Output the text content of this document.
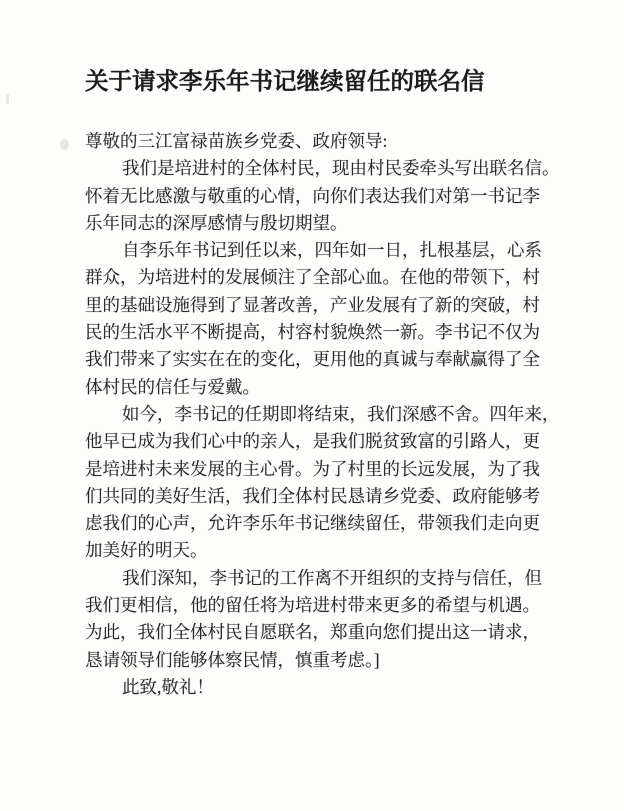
关于请求李乐年书记继续留任的联名信
尊敬的三江富禄苗族乡党委、政府领导:
我们是培进村的全体村民，现由村民委牵头写出联名信。
怀着无比感激与敬重的心情，向你们表达我们对第一书记李
乐年同志的深厚感情与殷切期望。
自李乐年书记到任以来，四年如一日，扎根基层，心系
群众，为培进村的发展倾注了全部心血。在他的带领下，村
里的基础设施得到了显著改善，产业发展有了新的突破，村
民的生活水平不断提高，村容村貌焕然一新。李书记不仅为
我们带来了实实在在的变化，更用他的真诚与奉献赢得了全
体村民的信任与爱戴。
如今，李书记的任期即将结束，我们深感不舍。四年来，
他早已成为我们心中的亲人，是我们脱贫致富的引路人，更
是培进村未来发展的主心骨。为了村里的长远发展，为了我
们共同的美好生活，我们全体村民恳请乡党委、政府能够考
虑我们的心声，允许李乐年书记继续留任，带领我们走向更
加美好的明天。
我们深知，李书记的工作离不开组织的支持与信任，但
我们更相信，他的留任将为培进村带来更多的希望与机遇。
为此，我们全体村民自愿联名，郑重向您们提出这一请求，
恳请领导们能够体察民情，慎重考虑。]
此致,敬礼！
